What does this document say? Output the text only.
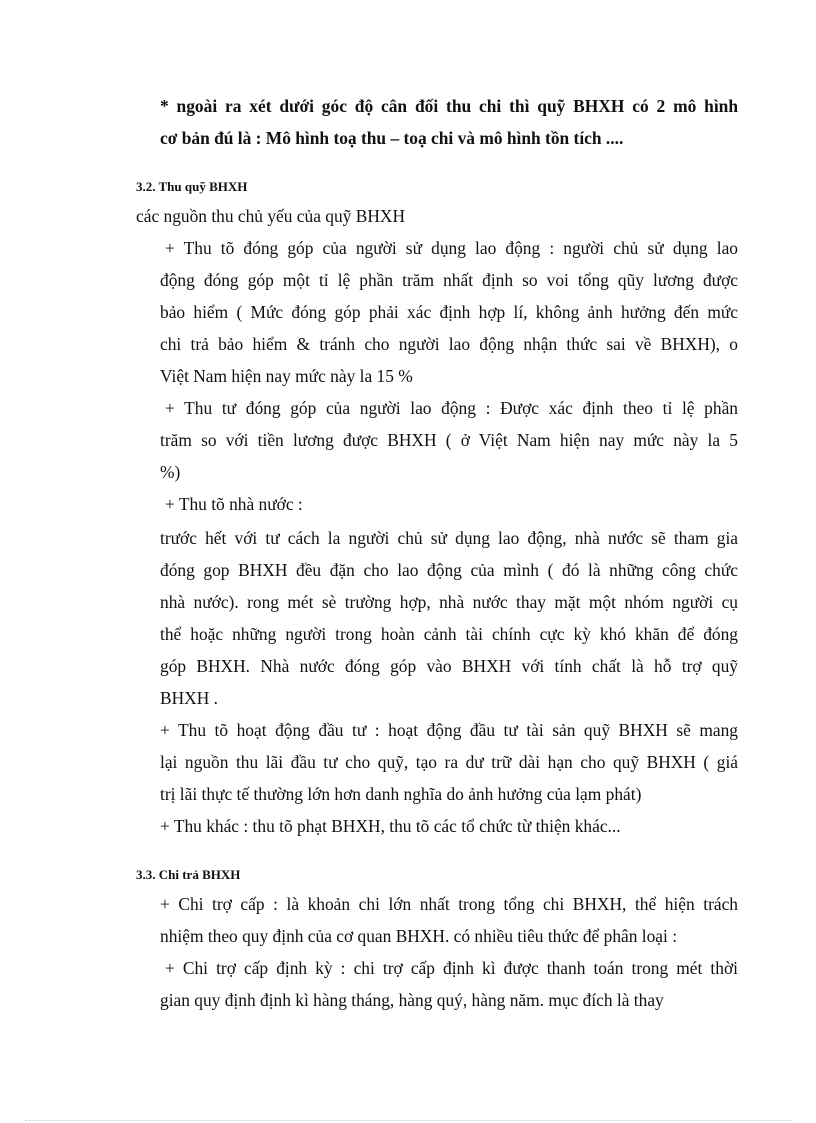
* ngoài ra xét dưới góc độ cân đối thu chi thì quỹ BHXH có 2 mô hình
cơ bản đú là : Mô hình toạ thu – toạ chi và mô hình tồn tích ....
3.2. Thu quỹ BHXH
các nguồn thu chủ yếu của quỹ BHXH
+ Thu tõ đóng góp của người sử dụng lao động : người chủ sử dụng lao
động đóng góp một tỉ lệ phần trăm nhất định so voi tổng qũy lương được
bảo hiểm ( Mức đóng góp phải xác định hợp lí, không ảnh hưởng đến mức
chi trả bảo hiểm & tránh cho người lao động nhận thức sai về BHXH), o
Việt Nam hiện nay mức này la 15 %
+ Thu tư đóng góp của người lao động : Được xác định theo tỉ lệ phần
trăm so với tiền lương được BHXH ( ở Việt Nam hiện nay mức này la 5
%)
+ Thu tõ nhà nước :
trước hết với tư cách la người chủ sử dụng lao động, nhà nước sẽ tham gia
đóng gop BHXH đều đặn cho lao động của mình ( đó là những công chức
nhà nước). rong mét sè trường hợp, nhà nước thay mặt một nhóm người cụ
thể hoặc những người trong hoàn cảnh tài chính cực kỳ khó khăn để đóng
góp BHXH. Nhà nước đóng góp vào BHXH với tính chất là hỗ trợ quỹ
BHXH .
+ Thu tõ hoạt động đầu tư : hoạt động đầu tư tài sản quỹ BHXH sẽ mang
lại nguồn thu lãi đầu tư cho quỹ, tạo ra dư trữ dài hạn cho quỹ BHXH ( giá
trị lãi thực tế thường lớn hơn danh nghĩa do ảnh hưởng của lạm phát)
+ Thu khác : thu tõ phạt BHXH, thu tõ các tổ chức từ thiện khác...
3.3. Chi trả BHXH
+ Chi trợ cấp : là khoản chi lớn nhất trong tổng chi BHXH, thể hiện trách
nhiệm theo quy định của cơ quan BHXH. có nhiều tiêu thức để phân loại :
+ Chi trợ cấp định kỳ : chi trợ cấp định kì được thanh toán trong mét thời
gian quy định định kì hàng tháng, hàng quý, hàng năm. mục đích là thay
